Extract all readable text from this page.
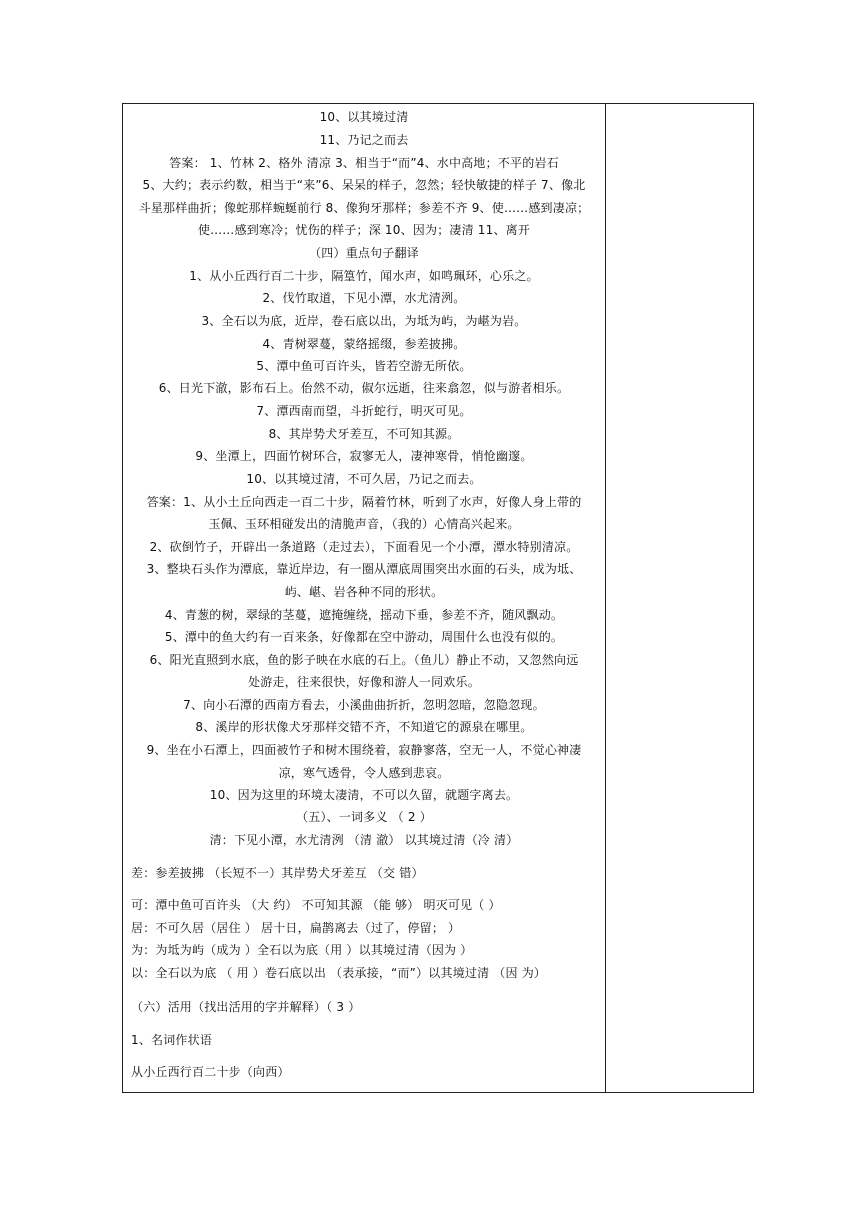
10、以其境过清
11、乃记之而去
答案： 1、竹林 2、格外 清凉 3、相当于“而”4、水中高地；不平的岩石
5、大约；表示约数，相当于“来”6、呆呆的样子，忽然；轻快敏捷的样子 7、像北
斗星那样曲折；像蛇那样蜿蜒前行 8、像狗牙那样；参差不齐 9、使……感到凄凉；
使……感到寒冷；忧伤的样子；深 10、因为；凄清 11、离开
（四）重点句子翻译
1、从小丘西行百二十步，隔篁竹，闻水声，如鸣珮环，心乐之。
2、伐竹取道，下见小潭，水尤清洌。
3、全石以为底，近岸，卷石底以出，为坻为屿，为嵁为岩。
4、青树翠蔓，蒙络摇缀，参差披拂。
5、潭中鱼可百许头，皆若空游无所依。
6、日光下澈，影布石上。佁然不动，俶尔远逝，往来翕忽，似与游者相乐。
7、潭西南而望，斗折蛇行，明灭可见。
8、其岸势犬牙差互，不可知其源。
9、坐潭上，四面竹树环合，寂寥无人，凄神寒骨，悄怆幽邃。
10、以其境过清，不可久居，乃记之而去。
答案：1、从小土丘向西走一百二十步，隔着竹林，听到了水声，好像人身上带的
玉佩、玉环相碰发出的清脆声音，（我的）心情高兴起来。
2、砍倒竹子，开辟出一条道路（走过去），下面看见一个小潭，潭水特别清凉。
3、整块石头作为潭底，靠近岸边，有一圈从潭底周围突出水面的石头，成为坻、
屿、嵁、岩各种不同的形状。
4、青葱的树，翠绿的茎蔓，遮掩缠绕，摇动下垂，参差不齐，随风飘动。
5、潭中的鱼大约有一百来条，好像都在空中游动，周围什么也没有似的。
6、阳光直照到水底，鱼的影子映在水底的石上。（鱼儿）静止不动，又忽然向远
处游走，往来很快，好像和游人一同欢乐。
7、向小石潭的西南方看去，小溪曲曲折折，忽明忽暗，忽隐忽现。
8、溪岸的形状像犬牙那样交错不齐，不知道它的源泉在哪里。
9、坐在小石潭上，四面被竹子和树木围绕着，寂静寥落，空无一人，不觉心神凄
凉，寒气透骨，令人感到悲哀。
10、因为这里的环境太凄清，不可以久留，就题字离去。
（五）、一词多义 （ 2 ）
清：下见小潭，水尤清洌 （清 澈） 以其境过清（冷 清）
差：参差披拂 （长短不一）其岸势犬牙差互 （交 错）
可：潭中鱼可百许头 （大 约） 不可知其源 （能 够） 明灭可见（ ）
居：不可久居（居住 ） 居十日，扁鹊离去（过了，停留； ）
为：为坻为屿（成为 ）全石以为底（用 ）以其境过清（因为 ）
以：全石以为底 （ 用 ）卷石底以出 （表承接，“而”）以其境过清 （因 为）
（六）活用（找出活用的字并解释）（ 3 ）
1、名词作状语
从小丘西行百二十步（向西）
